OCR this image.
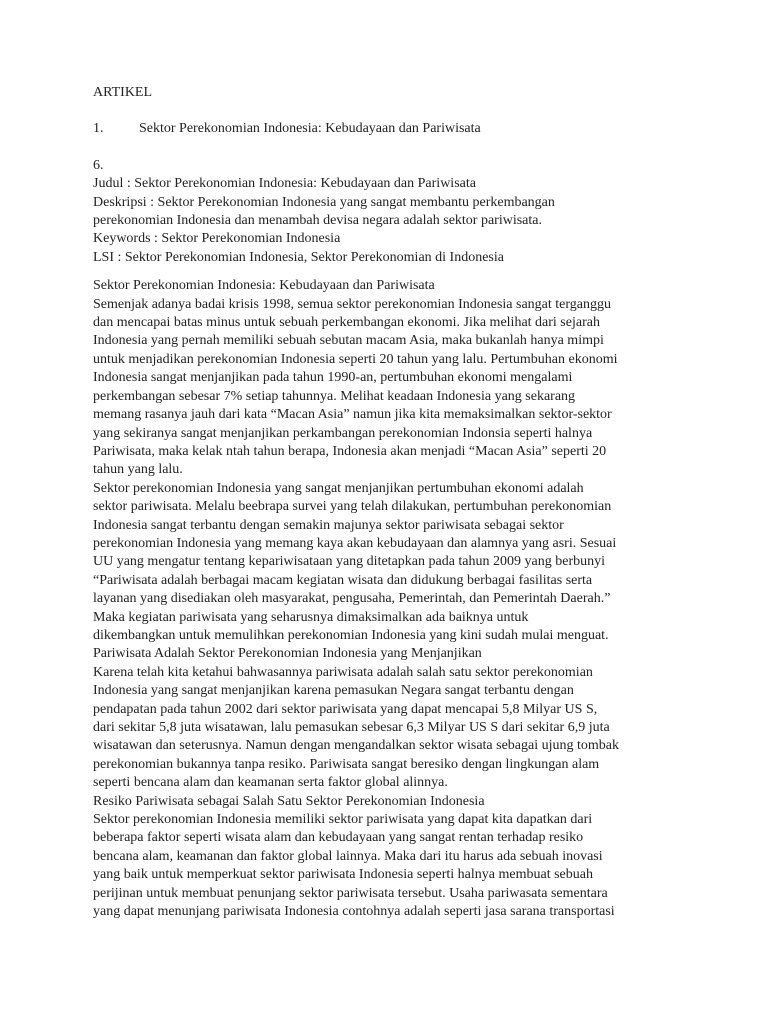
ARTIKEL
1.	Sektor Perekonomian Indonesia: Kebudayaan dan Pariwisata
6.
Judul : Sektor Perekonomian Indonesia: Kebudayaan dan Pariwisata
Deskripsi : Sektor Perekonomian Indonesia yang sangat membantu perkembangan
perekonomian Indonesia dan menambah devisa negara adalah sektor pariwisata.
Keywords : Sektor Perekonomian Indonesia
LSI : Sektor Perekonomian Indonesia, Sektor Perekonomian di Indonesia
Sektor Perekonomian Indonesia: Kebudayaan dan Pariwisata
Semenjak adanya badai krisis 1998, semua sektor perekonomian Indonesia sangat terganggu
dan mencapai batas minus untuk sebuah perkembangan ekonomi. Jika melihat dari sejarah
Indonesia yang pernah memiliki sebuah sebutan macam Asia, maka bukanlah hanya mimpi
untuk menjadikan perekonomian Indonesia seperti 20 tahun yang lalu. Pertumbuhan ekonomi
Indonesia sangat menjanjikan pada tahun 1990-an, pertumbuhan ekonomi mengalami
perkembangan sebesar 7% setiap tahunnya. Melihat keadaan Indonesia yang sekarang
memang rasanya jauh dari kata “Macan Asia” namun jika kita memaksimalkan sektor-sektor
yang sekiranya sangat menjanjikan perkambangan perekonomian Indonsia seperti halnya
Pariwisata, maka kelak ntah tahun berapa, Indonesia akan menjadi “Macan Asia” seperti 20
tahun yang lalu.
Sektor perekonomian Indonesia yang sangat menjanjikan pertumbuhan ekonomi adalah
sektor pariwisata. Melalu beebrapa survei yang telah dilakukan, pertumbuhan perekonomian
Indonesia sangat terbantu dengan semakin majunya sektor pariwisata sebagai sektor
perekonomian Indonesia yang memang kaya akan kebudayaan dan alamnya yang asri. Sesuai
UU yang mengatur tentang kepariwisataan yang ditetapkan pada tahun 2009 yang berbunyi
“Pariwisata adalah berbagai macam kegiatan wisata dan didukung berbagai fasilitas serta
layanan yang disediakan oleh masyarakat, pengusaha, Pemerintah, dan Pemerintah Daerah.”
Maka kegiatan pariwisata yang seharusnya dimaksimalkan ada baiknya untuk
dikembangkan untuk memulihkan perekonomian Indonesia yang kini sudah mulai menguat.
Pariwisata Adalah Sektor Perekonomian Indonesia yang Menjanjikan
Karena telah kita ketahui bahwasannya pariwisata adalah salah satu sektor perekonomian
Indonesia yang sangat menjanjikan karena pemasukan Negara sangat terbantu dengan
pendapatan pada tahun 2002 dari sektor pariwisata yang dapat mencapai 5,8 Milyar US S,
dari sekitar 5,8 juta wisatawan, lalu pemasukan sebesar 6,3 Milyar US S dari sekitar 6,9 juta
wisatawan dan seterusnya. Namun dengan mengandalkan sektor wisata sebagai ujung tombak
perekonomian bukannya tanpa resiko. Pariwisata sangat beresiko dengan lingkungan alam
seperti bencana alam dan keamanan serta faktor global alinnya.
Resiko Pariwisata sebagai Salah Satu Sektor Perekonomian Indonesia
Sektor perekonomian Indonesia memiliki sektor pariwisata yang dapat kita dapatkan dari
beberapa faktor seperti wisata alam dan kebudayaan yang sangat rentan terhadap resiko
bencana alam, keamanan dan faktor global lainnya. Maka dari itu harus ada sebuah inovasi
yang baik untuk memperkuat sektor pariwisata Indonesia seperti halnya membuat sebuah
perijinan untuk membuat penunjang sektor pariwisata tersebut. Usaha pariwasata sementara
yang dapat menunjang pariwisata Indonesia contohnya adalah seperti jasa sarana transportasi
